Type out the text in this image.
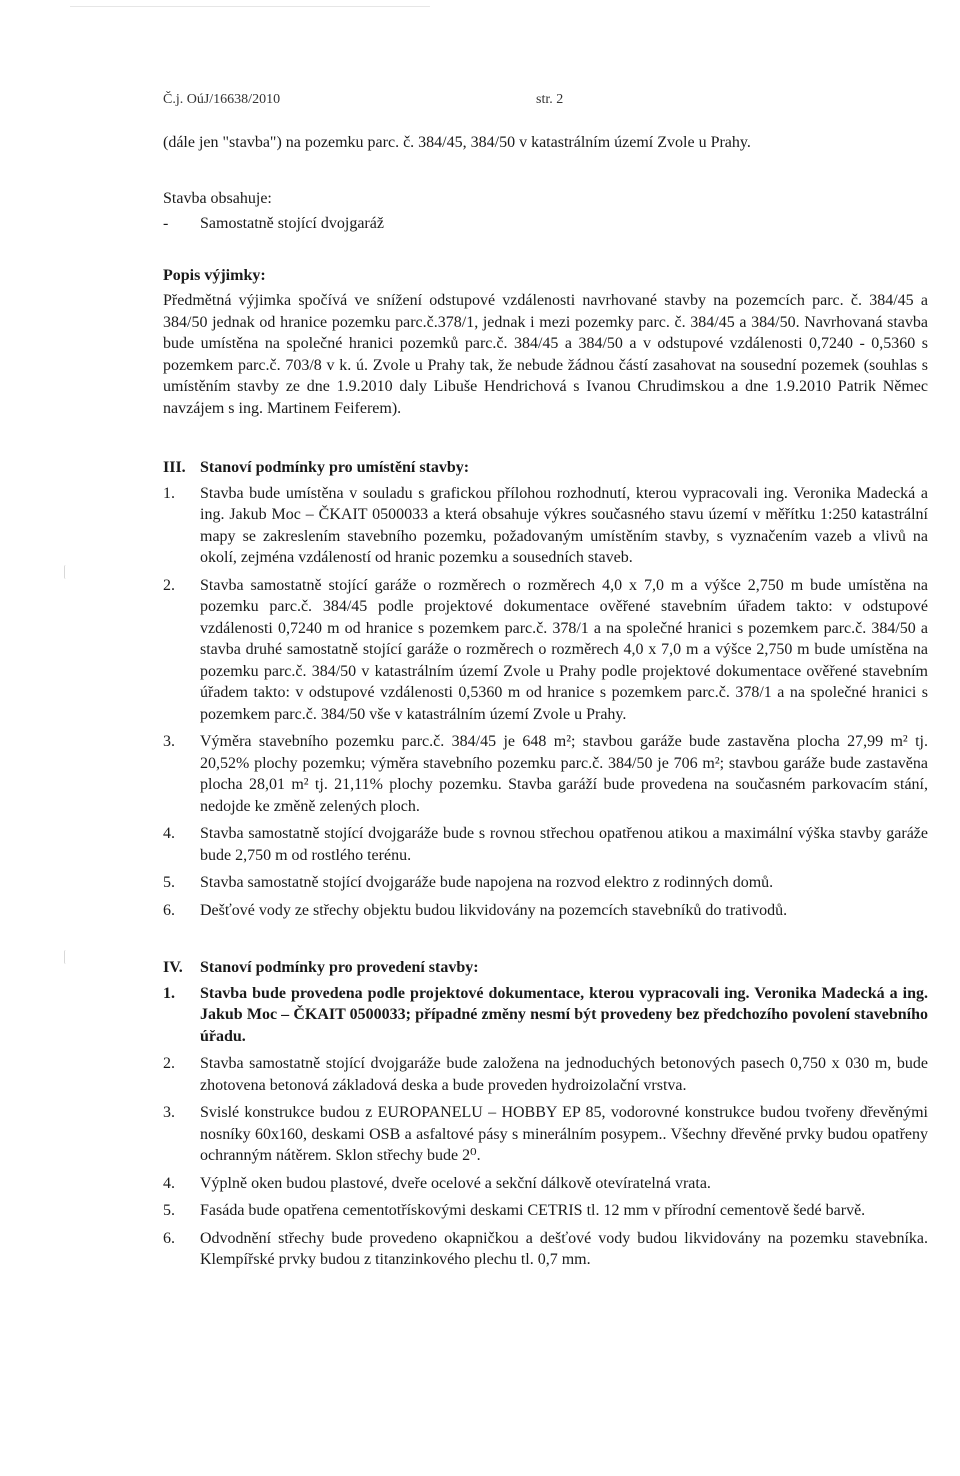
Č.j. OúJ/16638/2010	str. 2

(dále jen "stavba") na pozemku parc. č. 384/45, 384/50 v katastrálním území Zvole u Prahy.

Stavba obsahuje:

-	Samostatně stojící dvojgaráž

Popis výjimky:

Předmětná výjimka spočívá ve snížení odstupové vzdálenosti navrhované stavby na pozemcích parc. č. 384/45 a 384/50 jednak od hranice pozemku parc.č.378/1, jednak i mezi pozemky parc. č. 384/45 a 384/50. Navrhovaná stavba bude umístěna na společné hranici pozemků parc.č. 384/45 a 384/50 a v odstupové vzdálenosti 0,7240 - 0,5360 s pozemkem parc.č. 703/8 v k. ú. Zvole u Prahy tak, že nebude žádnou částí zasahovat na sousední pozemek (souhlas s umístěním stavby ze dne 1.9.2010 daly Libuše Hendrichová s Ivanou Chrudimskou a dne 1.9.2010 Patrik Němec navzájem s ing. Martinem Feiferem).

III. Stanoví podmínky pro umístění stavby:
1.	Stavba bude umístěna v souladu s grafickou přílohou rozhodnutí, kterou vypracovali ing. Veronika Madecká a ing. Jakub Moc – ČKAIT 0500033 a která obsahuje výkres současného stavu území v měřítku 1:250 katastrální mapy se zakreslením stavebního pozemku, požadovaným umístěním stavby, s vyznačením vazeb a vlivů na okolí, zejména vzdáleností od hranic pozemku a sousedních staveb.
2.	Stavba samostatně stojící garáže o rozměrech o rozměrech 4,0 x 7,0 m a výšce 2,750 m bude umístěna na pozemku parc.č. 384/45 podle projektové dokumentace ověřené stavebním úřadem takto: v odstupové vzdálenosti 0,7240 m od hranice s pozemkem parc.č. 378/1 a na společné hranici s pozemkem parc.č. 384/50 a stavba druhé samostatně stojící garáže o rozměrech o rozměrech 4,0 x 7,0 m a výšce 2,750 m bude umístěna na pozemku parc.č. 384/50 v katastrálním území Zvole u Prahy podle projektové dokumentace ověřené stavebním úřadem takto: v odstupové vzdálenosti 0,5360 m od hranice s pozemkem parc.č. 378/1 a na společné hranici s pozemkem parc.č. 384/50 vše v katastrálním území Zvole u Prahy.
3.	Výměra stavebního pozemku parc.č. 384/45 je 648 m²; stavbou garáže bude zastavěna plocha 27,99 m² tj. 20,52% plochy pozemku; výměra stavebního pozemku parc.č. 384/50 je 706 m²; stavbou garáže bude zastavěna plocha 28,01 m² tj. 21,11% plochy pozemku. Stavba garáží bude provedena na současném parkovacím stání, nedojde ke změně zelených ploch.
4.	Stavba samostatně stojící dvojgaráže bude s rovnou střechou opatřenou atikou a maximální výška stavby garáže bude 2,750 m od rostlého terénu.
5.	Stavba samostatně stojící dvojgaráže bude napojena na rozvod elektro z rodinných domů.
6.	Dešťové vody ze střechy objektu budou likvidovány na pozemcích stavebníků do trativodů.
IV.	Stanoví podmínky pro provedení stavby:
1.	Stavba bude provedena podle projektové dokumentace, kterou vypracovali ing. Veronika Madecká a ing. Jakub Moc – ČKAIT 0500033; případné změny nesmí být provedeny bez předchozího povolení stavebního úřadu.
2.	Stavba samostatně stojící dvojgaráže bude založena na jednoduchých betonových pasech 0,750 x 030 m, bude zhotovena betonová základová deska a bude proveden hydroizolační vrstva.
3.	Svislé konstrukce budou z EUROPANELU – HOBBY EP 85, vodorovné konstrukce budou tvořeny dřevěnými nosníky 60x160, deskami OSB a asfaltové pásy s minerálním posypem.. Všechny dřevěné prvky budou opatřeny ochranným nátěrem. Sklon střechy bude 2⁰.
4.	Výplně oken budou plastové, dveře ocelové a sekční dálkově otevíratelná vrata.
5.	Fasáda bude opatřena cementotřískovými deskami CETRIS tl. 12 mm v přírodní cementově šedé barvě.
6.	Odvodnění střechy bude provedeno okapničkou a dešťové vody budou likvidovány na pozemku stavebníka. Klempířské prvky budou z titanzinkového plechu tl. 0,7 mm.
